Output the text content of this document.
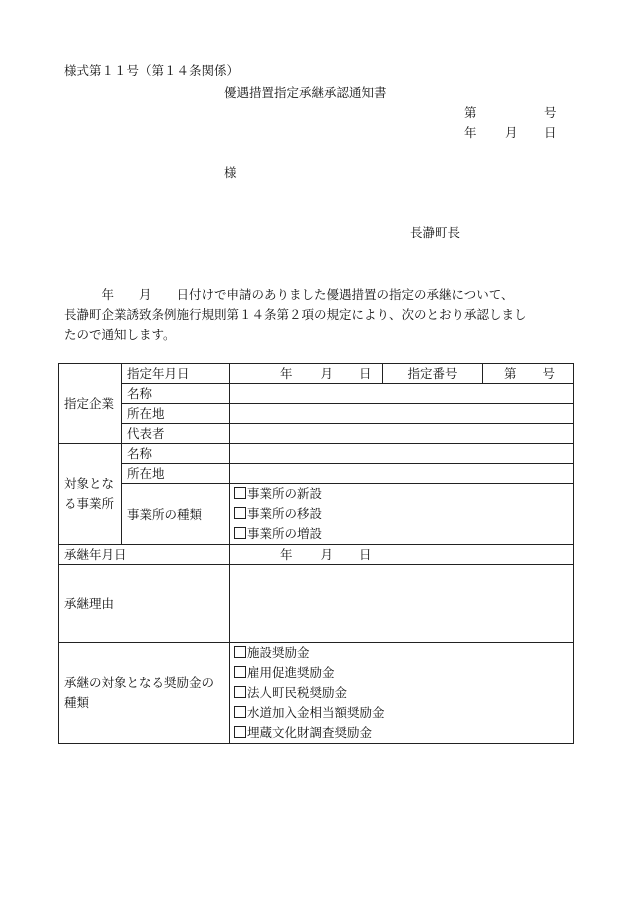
様式第１１号（第１４条関係）
優遇措置指定承継承認通知書
第	号
年 月 日
様
長瀞町長
　　　年　　月　　日付けで申請のありました優遇措置の指定の承継について、
長瀞町企業誘致条例施行規則第１４条第２項の規定により、次のとおり承認しまし
たので通知します。
指定企業	指定年月日	年 月 日	指定番号	第 号
	名称			
	所在地			
	代表者			
対象となる事業所	名称			
	所在地			
	事業所の種類	事業所の新設
事業所の移設
事業所の増設		

承継年月日		年 月 日		
承継理由				
承継の対象となる奨励金の種類		施設奨励金
雇用促進奨励金
法人町民税奨励金
水道加入金相当額奨励金
埋蔵文化財調査奨励金		
